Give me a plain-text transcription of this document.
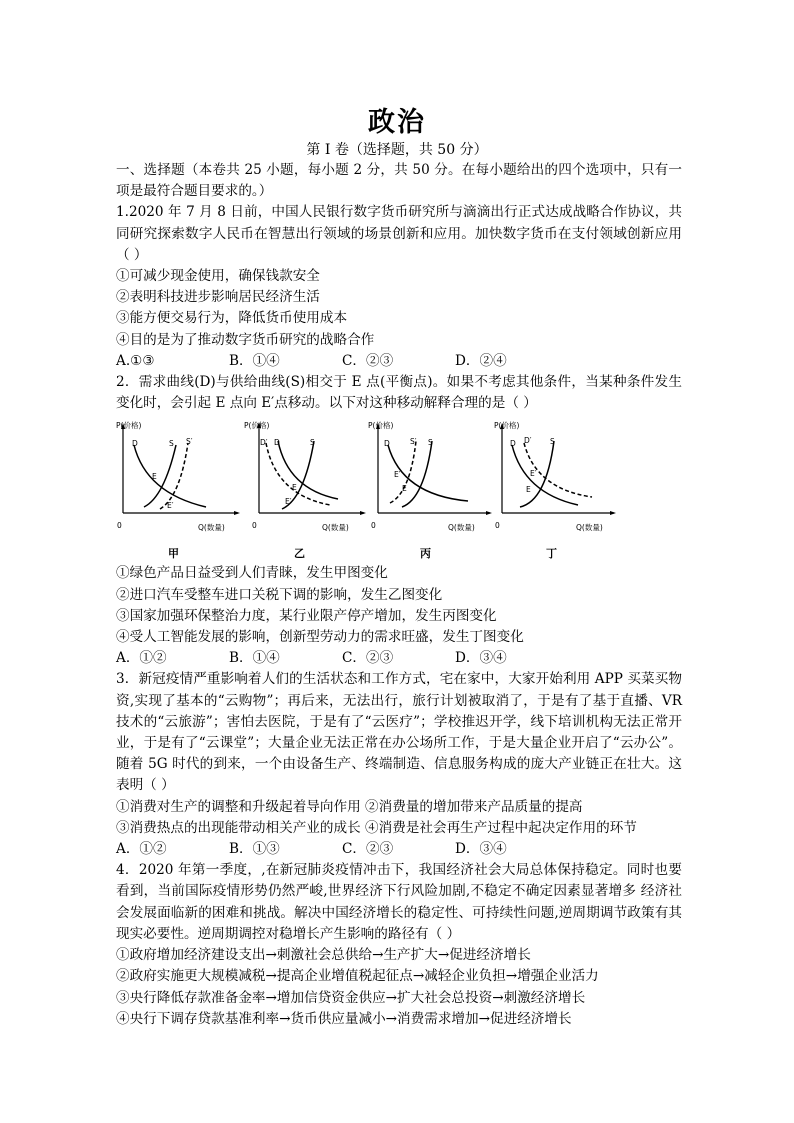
政治
第 I 卷（选择题，共 50 分）

一、选择题（本卷共 25 小题，每小题 2 分，共 50 分。在每小题给出的四个选项中，只有一项是最符合题目要求的。）

1.2020 年 7 月 8 日前，中国人民银行数字货币研究所与滴滴出行正式达成战略合作协议，共同研究探索数字人民币在智慧出行领域的场景创新和应用。加快数字货币在支付领域创新应用（ ）

①可减少现金使用，确保钱款安全

②表明科技进步影响居民经济生活

③能方便交易行为，降低货币使用成本

④目的是为了推动数字货币研究的战略合作

A.①③	B．①④	C．②③	D．②④

2．需求曲线(D)与供给曲线(S)相交于 E 点(平衡点)。如果不考虑其他条件，当某种条件发生变化时，会引起 E 点向 E′点移动。以下对这种移动解释合理的是（ ）

P(价格)
Q(数量)
0
D	S S′
E
E′
甲
P(价格)
Q(数量)
0
D′ D	S
E
E′
乙
P(价格)
Q(数量)
0
D	S′ S
E′
E
丙
P(价格)
Q(数量)
0
D D′ S
E′
E
丁

①绿色产品日益受到人们青睐，发生甲图变化

②进口汽车受整车进口关税下调的影响，发生乙图变化

③国家加强环保整治力度，某行业限产停产增加，发生丙图变化

④受人工智能发展的影响，创新型劳动力的需求旺盛，发生丁图变化

A．①②	B．①④	C．②③	D．③④

3．新冠疫情严重影响着人们的生活状态和工作方式，宅在家中，大家开始利用 APP 买菜买物资,实现了基本的“云购物”；再后来，无法出行，旅行计划被取消了，于是有了基于直播、VR 技术的“云旅游”；害怕去医院，于是有了“云医疗”；学校推迟开学，线下培训机构无法正常开业，于是有了“云课堂”；大量企业无法正常在办公场所工作，于是大量企业开启了“云办公”。随着 5G 时代的到来，一个由设备生产、终端制造、信息服务构成的庞大产业链正在壮大。这表明（ ）

①消费对生产的调整和升级起着导向作用 ②消费量的增加带来产品质量的提高

③消费热点的出现能带动相关产业的成长 ④消费是社会再生产过程中起决定作用的环节

A．①②	B．①③	C．②③	D．③④

4．2020 年第一季度，,在新冠肺炎疫情冲击下，我国经济社会大局总体保持稳定。同时也要看到，当前国际疫情形势仍然严峻,世界经济下行风险加剧,不稳定不确定因素显著增多 经济社会发展面临新的困难和挑战。解决中国经济增长的稳定性、可持续性问题,逆周期调节政策有其现实必要性。逆周期调控对稳增长产生影响的路径有（ ）

①政府增加经济建设支出→刺激社会总供给→生产扩大→促进经济增长

②政府实施更大规模减税→提高企业增值税起征点→减轻企业负担→增强企业活力

③央行降低存款准备金率→增加信贷资金供应→扩大社会总投资→刺激经济增长

④央行下调存贷款基准利率→货币供应量减小→消费需求增加→促进经济增长
